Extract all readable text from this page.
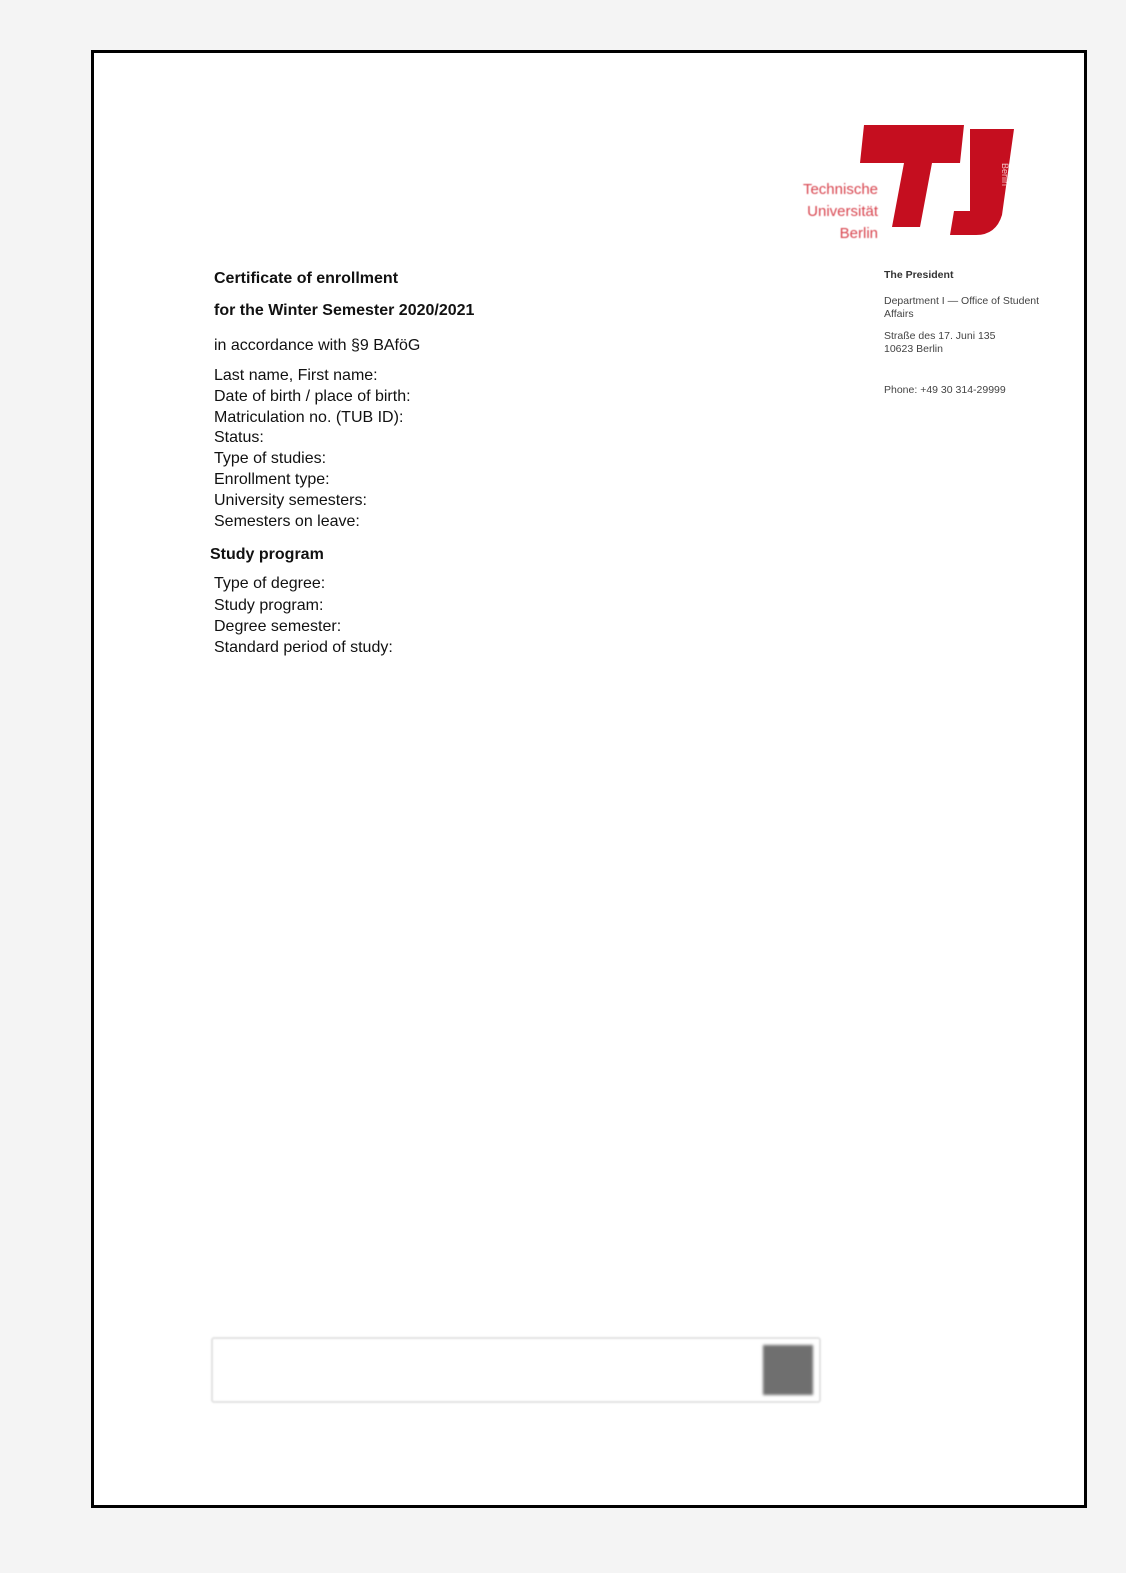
Technische
Universität
Berlin
Berlin
The President
Department I — Office of Student
Affairs
Straße des 17. Juni 135
10623 Berlin
Phone: +49 30 314-29999
Certificate of enrollment
for the Winter Semester 2020/2021
in accordance with §9 BAföG
Last name, First name:
Date of birth / place of birth:
Matriculation no. (TUB ID):
Status:
Type of studies:
Enrollment type:
University semesters:
Semesters on leave:
Study program
Type of degree:
Study program:
Degree semester:
Standard period of study:
